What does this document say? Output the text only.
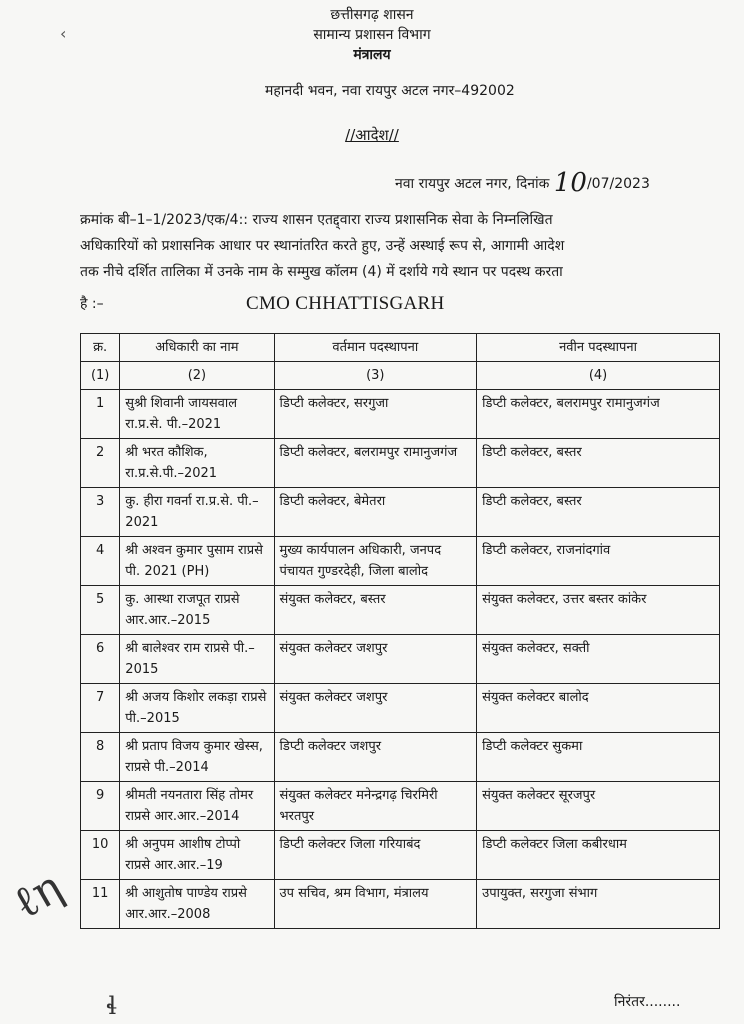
‹
छत्तीसगढ़ शासन
सामान्य प्रशासन विभाग
मंत्रालय
महानदी भवन, नवा रायपुर अटल नगर–492002
//आदेश//
नवा रायपुर अटल नगर, दिनांक 10/07/2023
क्रमांक बी–1–1/2023/एक/4:: राज्य शासन एतद्द्वारा राज्य प्रशासनिक सेवा के निम्नलिखित
अधिकारियों को प्रशासनिक आधार पर स्थानांतरित करते हुए, उन्हें अस्थाई रूप से, आगामी आदेश
तक नीचे दर्शित तालिका में उनके नाम के सम्मुख कॉलम (4) में दर्शाये गये स्थान पर पदस्थ करता
है :–	CMO CHHATTISGARH
क्र.	अधिकारी का नाम	वर्तमान पदस्थापना	नवीन पदस्थापना
(1)	(2)	(3)	(4)
1	सुश्री शिवानी जायसवाल रा.प्र.से. पी.–2021	डिप्टी कलेक्टर, सरगुजा	डिप्टी कलेक्टर, बलरामपुर रामानुजगंज
2	श्री भरत कौशिक, रा.प्र.से.पी.–2021	डिप्टी कलेक्टर, बलरामपुर रामानुजगंज	डिप्टी कलेक्टर, बस्तर
3	कु. हीरा गवर्ना रा.प्र.से. पी.–2021	डिप्टी कलेक्टर, बेमेतरा	डिप्टी कलेक्टर, बस्तर
4	श्री अश्वन कुमार पुसाम राप्रसे पी. 2021 (PH)	मुख्य कार्यपालन अधिकारी, जनपद पंचायत गुण्डरदेही, जिला बालोद	डिप्टी कलेक्टर, राजनांदगांव
5	कु. आस्था राजपूत राप्रसे आर.आर.–2015	संयुक्त कलेक्टर, बस्तर	संयुक्त कलेक्टर, उत्तर बस्तर कांकेर
6	श्री बालेश्वर राम राप्रसे पी.–2015	संयुक्त कलेक्टर जशपुर	संयुक्त कलेक्टर, सक्ती
7	श्री अजय किशोर लकड़ा राप्रसे पी.–2015	संयुक्त कलेक्टर जशपुर	संयुक्त कलेक्टर बालोद
8	श्री प्रताप विजय कुमार खेस्स, राप्रसे पी.–2014	डिप्टी कलेक्टर जशपुर	डिप्टी कलेक्टर सुकमा
9	श्रीमती नयनतारा सिंह तोमर राप्रसे आर.आर.–2014	संयुक्त कलेक्टर मनेन्द्रगढ़ चिरमिरी भरतपुर	संयुक्त कलेक्टर सूरजपुर
10	श्री अनुपम आशीष टोप्पो राप्रसे आर.आर.–19	डिप्टी कलेक्टर जिला गरियाबंद	डिप्टी कलेक्टर जिला कबीरधाम
11	श्री आशुतोष पाण्डेय राप्रसे आर.आर.–2008	उप सचिव, श्रम विभाग, मंत्रालय	उपायुक्त, सरगुजा संभाग
ℓη
ɬ	निरंतर........
